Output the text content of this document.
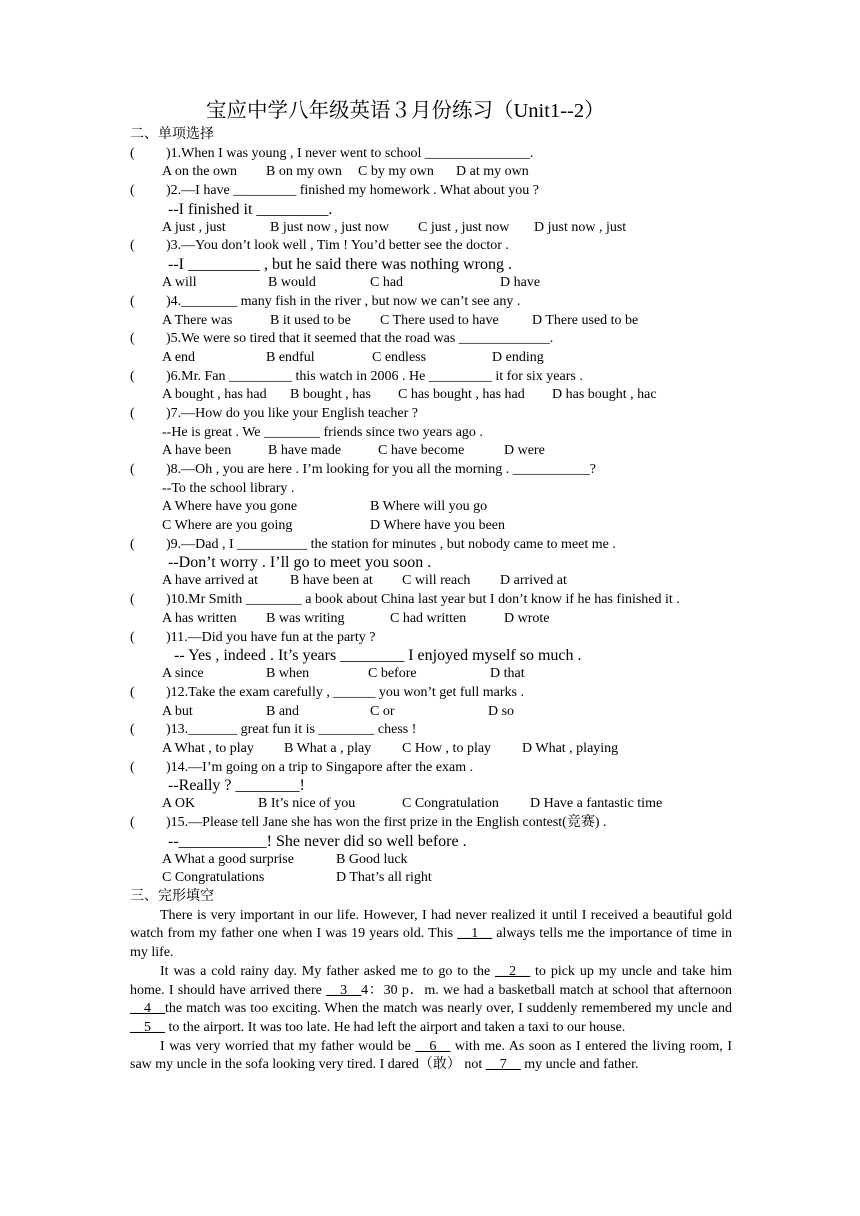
宝应中学八年级英语３月份练习（Unit1--2）
二、单项选择
(	)1.When I was young , I never went to school _______________.
A on the own	B on my own	C by my own	D at my own
(	)2.—I have _________ finished my homework . What about you ?
--I finished it _________.
A just , just	B just now , just now	C just , just now	D just now , just
(	)3.—You don’t look well , Tim ! You’d better see the doctor .
--I _________ , but he said there was nothing wrong .
A will	B would	C had	D have
(	)4.________ many fish in the river , but now we can’t see any .
A There was	B it used to be	C There used to have	D There used to be
(	)5.We were so tired that it seemed that the road was _____________.
A end	B endful	C endless	D ending
(	)6.Mr. Fan _________ this watch in 2006 . He _________ it for six years .
A bought , has had	B bought , has	C has bought , has had	D has bought , hac
(	)7.—How do you like your English teacher ?
--He is great . We ________ friends since two years ago .
A have been	B have made	C have become	D were
(	)8.—Oh , you are here . I’m looking for you all the morning . ___________?
--To the school library .
A Where have you gone	B Where will you go
C Where are you going	D Where have you been
(	)9.—Dad , I __________ the station for minutes , but nobody came to meet me .
--Don’t worry . I’ll go to meet you soon .
A have arrived at	B have been at	C will reach	D arrived at
(	)10.Mr Smith ________ a book about China last year but I don’t know if he has finished it .
A has written	B was writing	C had written	D wrote
(	)11.—Did you have fun at the party ?
-- Yes , indeed . It’s years ________ I enjoyed myself so much .
A since	B when	C before	D that
(	)12.Take the exam carefully , ______ you won’t get full marks .
A but	B and	C or	D so
(	)13._______ great fun it is ________ chess !
A What , to play	B What a , play	C How , to play	D What , playing
(	)14.—I’m going on a trip to Singapore after the exam .
--Really ? ________!
A OK	B It’s nice of you	C Congratulation	D Have a fantastic time
(	)15.—Please tell Jane she has won the first prize in the English contest(竞赛) .
--___________! She never did so well before .
A What a good surprise	B Good luck
C Congratulations	D That’s all right
三、完形填空

There is very important in our life. However, I had never realized it until I received a beautiful gold watch from my father one when I was 19 years old. This __1__ always tells me the importance of time in my life.

It was a cold rainy day. My father asked me to go to the __2__ to pick up my uncle and take him home. I should have arrived there __3__4：30 p．m. we had a basketball match at school that afternoon __4__the match was too exciting. When the match was nearly over, I suddenly remembered my uncle and __5__ to the airport. It was too late. He had left the airport and taken a taxi to our house.

I was very worried that my father would be __6__ with me. As soon as I entered the living room, I saw my uncle in the sofa looking very tired. I dared（敢） not __7__ my uncle and father.
